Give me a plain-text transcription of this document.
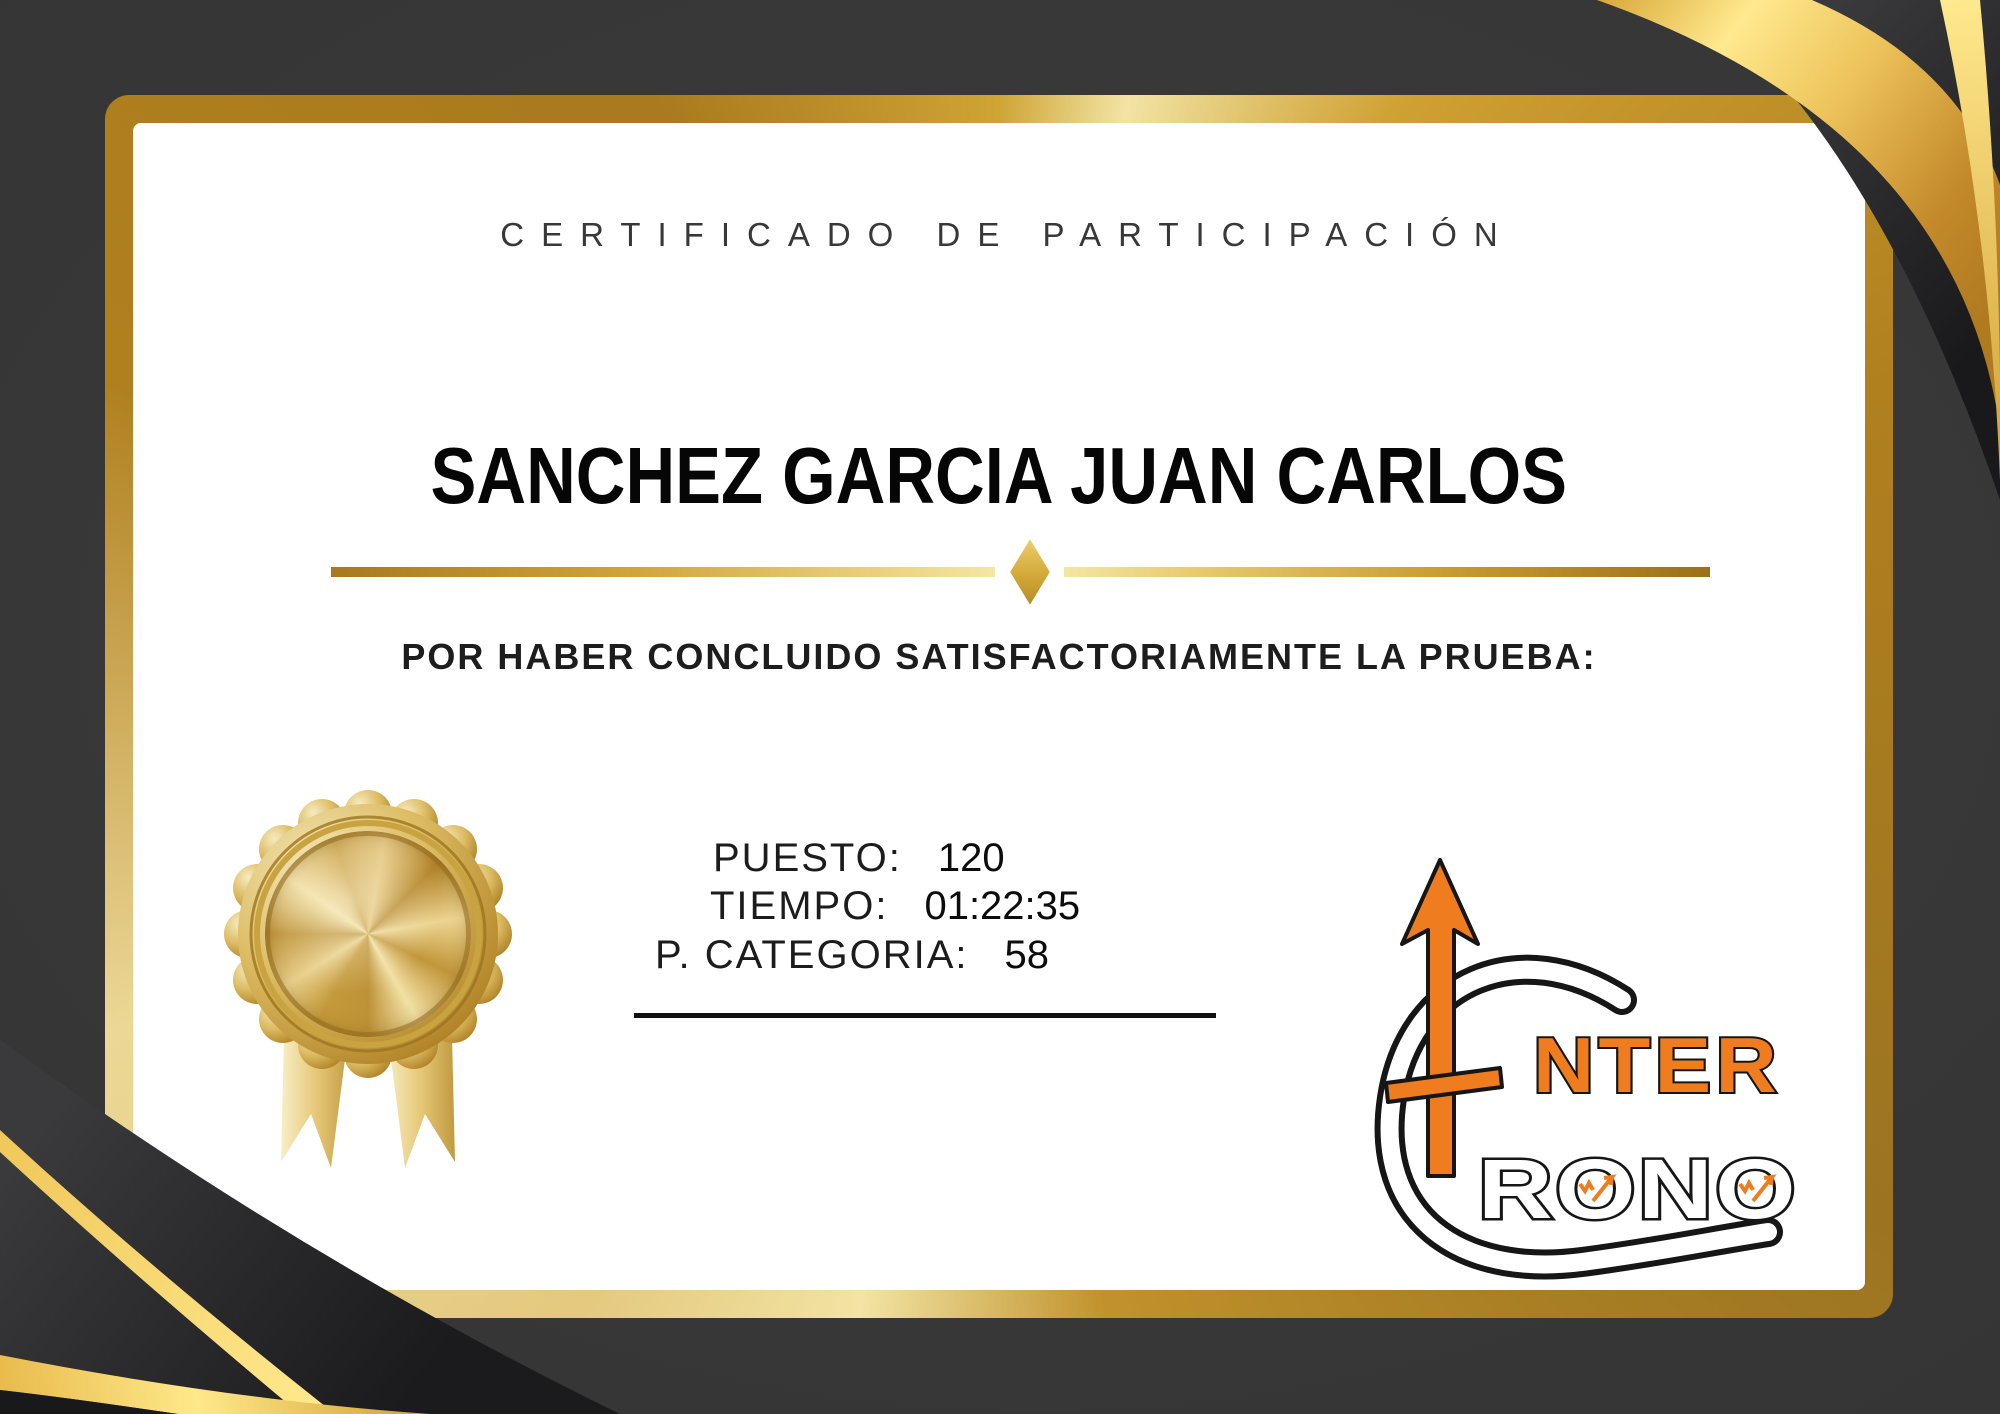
CERTIFICADO DE PARTICIPACIÓN
SANCHEZ GARCIA JUAN CARLOS
POR HABER CONCLUIDO SATISFACTORIAMENTE LA PRUEBA:
PUESTO: 120
TIEMPO: 01:22:35
P. CATEGORIA: 58
NTER
RONO
